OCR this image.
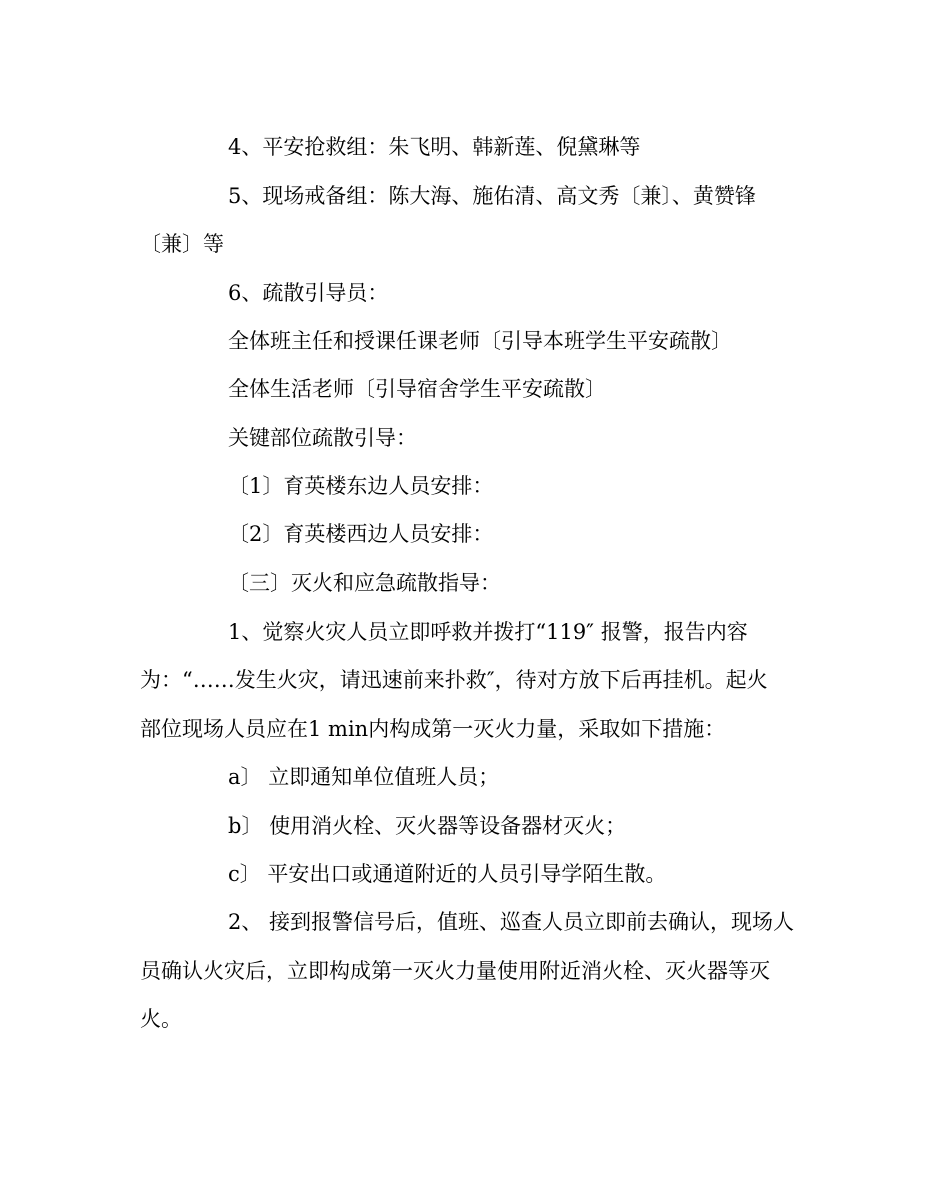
4、平安抢救组：朱飞明、韩新莲、倪黛琳等
5、现场戒备组：陈大海、施佑清、高文秀〔兼〕、黄赞锋
〔兼〕等
6、疏散引导员：
全体班主任和授课任课老师〔引导本班学生平安疏散〕
全体生活老师〔引导宿舍学生平安疏散〕
关键部位疏散引导：
〔1〕育英楼东边人员安排：
〔2〕育英楼西边人员安排：
〔三〕灭火和应急疏散指导：
1、觉察火灾人员立即呼救并拨打“119″ 报警，报告内容
为：“……发生火灾，请迅速前来扑救″，待对方放下后再挂机。起火
部位现场人员应在1 min内构成第一灭火力量，采取如下措施：
a〕 立即通知单位值班人员；
b〕 使用消火栓、灭火器等设备器材灭火；
c〕 平安出口或通道附近的人员引导学陌生散。
2、 接到报警信号后，值班、巡查人员立即前去确认，现场人
员确认火灾后，立即构成第一灭火力量使用附近消火栓、灭火器等灭
火。
